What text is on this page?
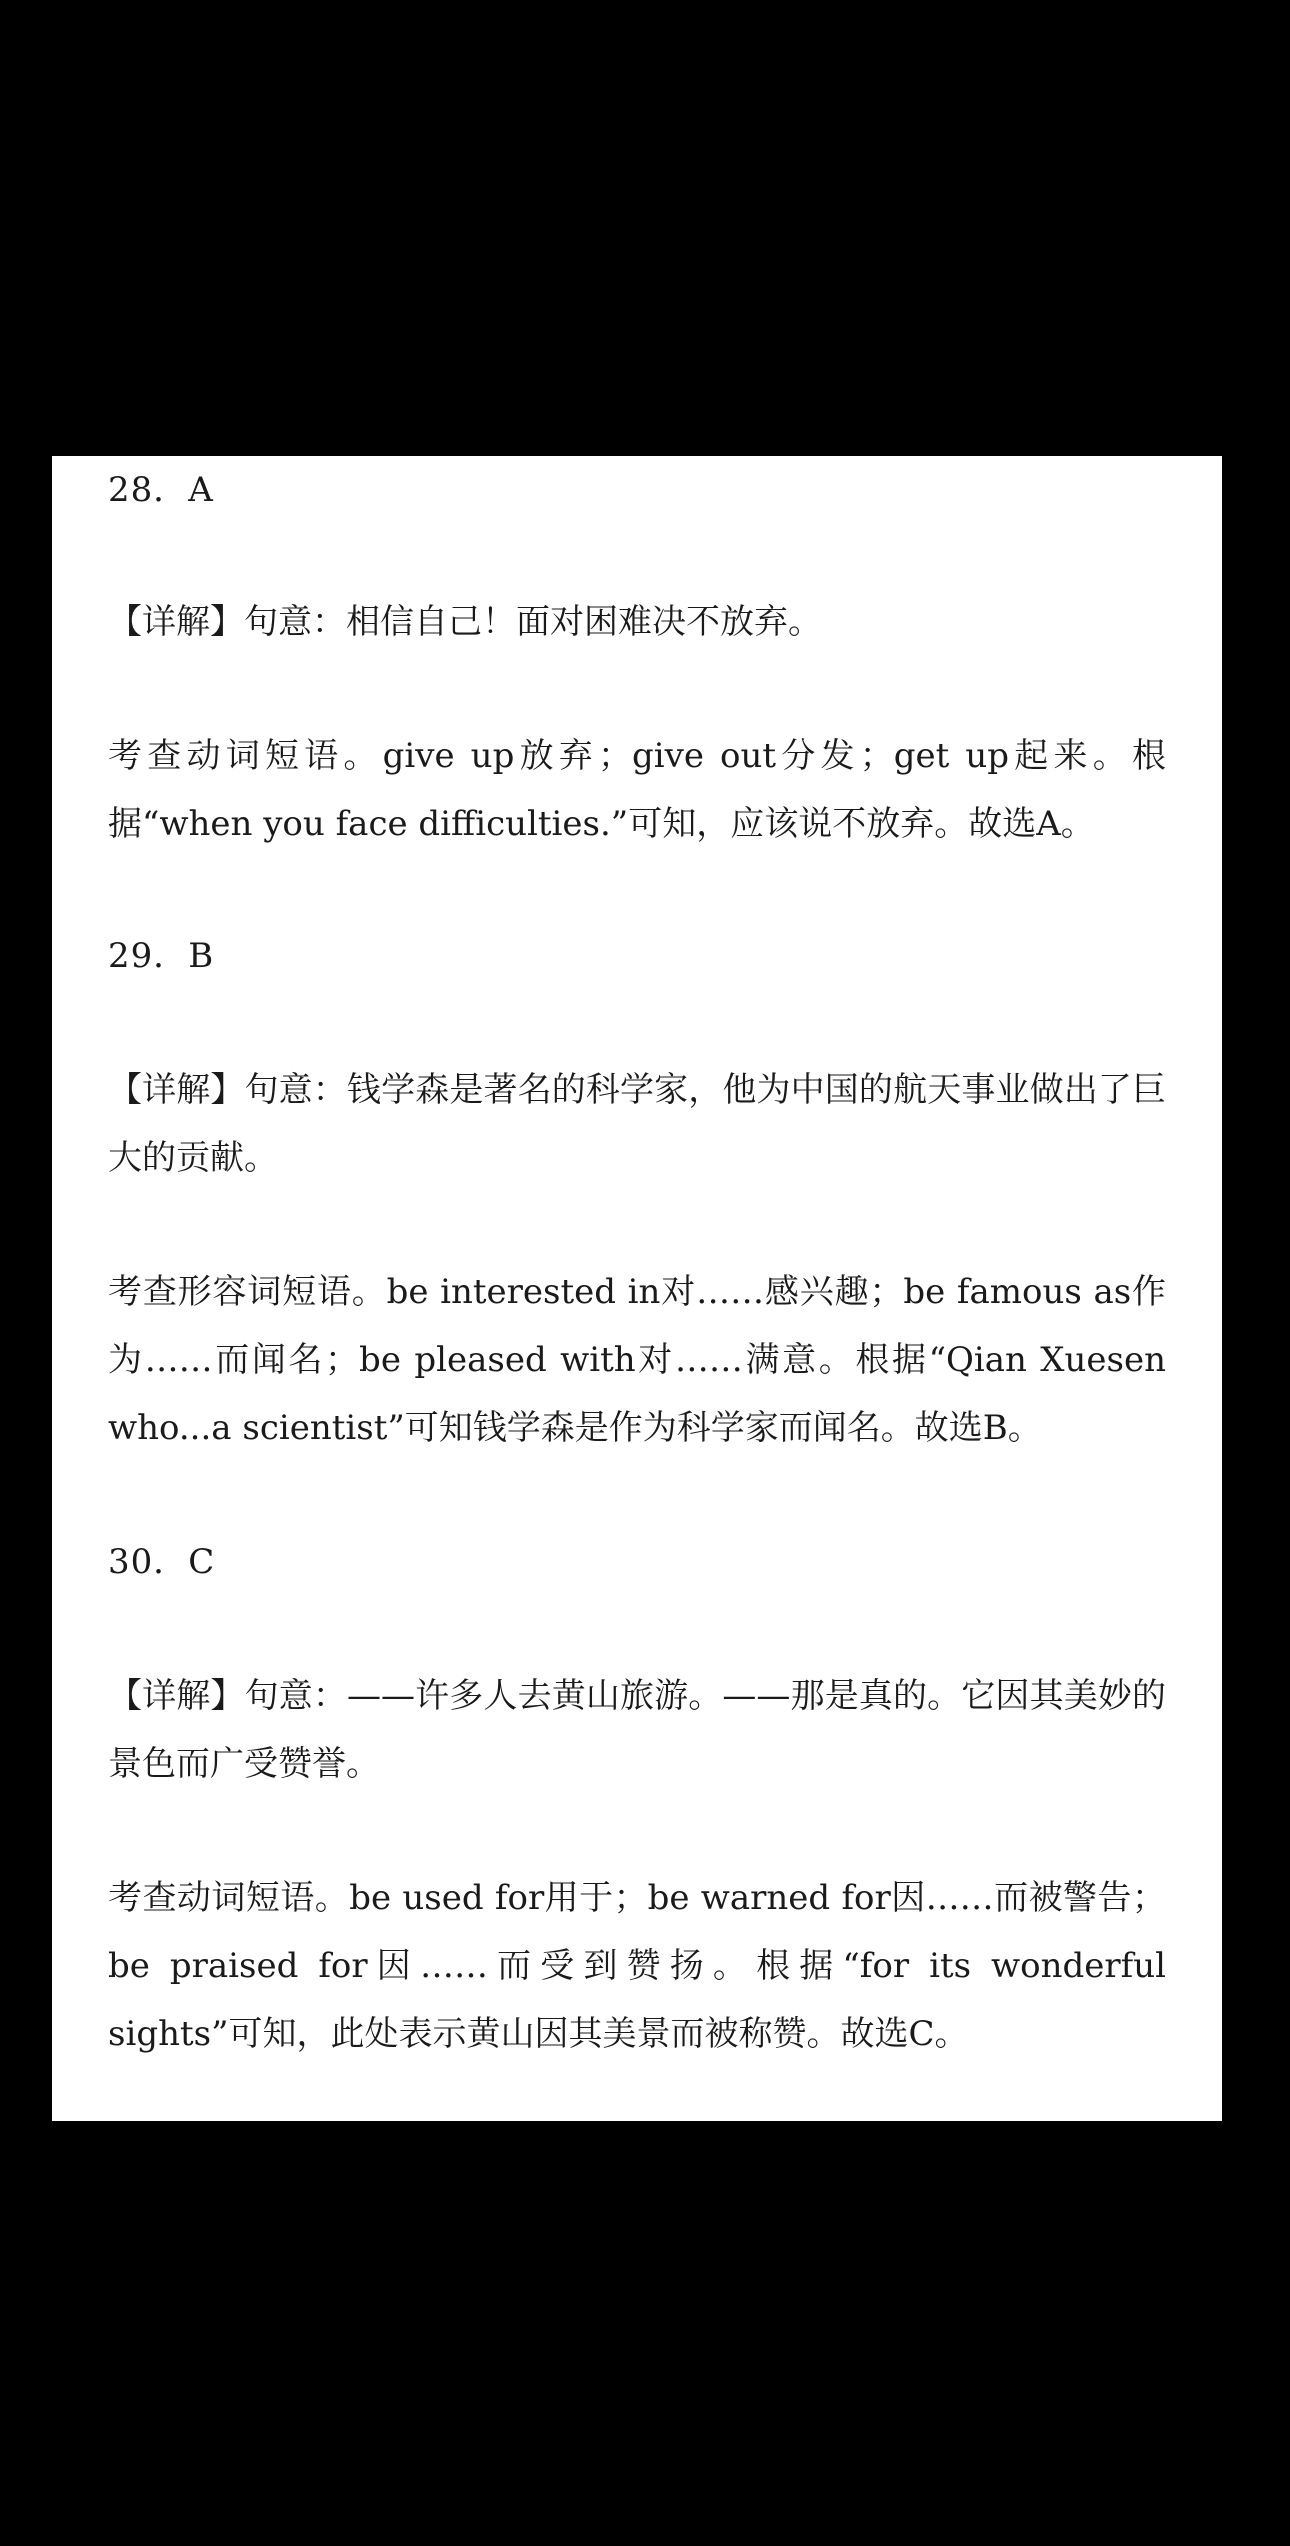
28．A

【详解】句意：相信自己！面对困难决不放弃。

考查动词短语。give up放弃；give out分发；get up起来。根据“when you face difficulties.”可知，应该说不放弃。故选A。

29．B

【详解】句意：钱学森是著名的科学家，他为中国的航天事业做出了巨大的贡献。

考查形容词短语。be interested in对……感兴趣；be famous as作为……而闻名；be pleased with对……满意。根据“Qian Xuesen who...a scientist”可知钱学森是作为科学家而闻名。故选B。

30．C

【详解】句意：——许多人去黄山旅游。——那是真的。它因其美妙的景色而广受赞誉。

考查动词短语。be used for用于；be warned for因……而被警告；be praised for因……而受到赞扬。根据“for its wonderful sights”可知，此处表示黄山因其美景而被称赞。故选C。
